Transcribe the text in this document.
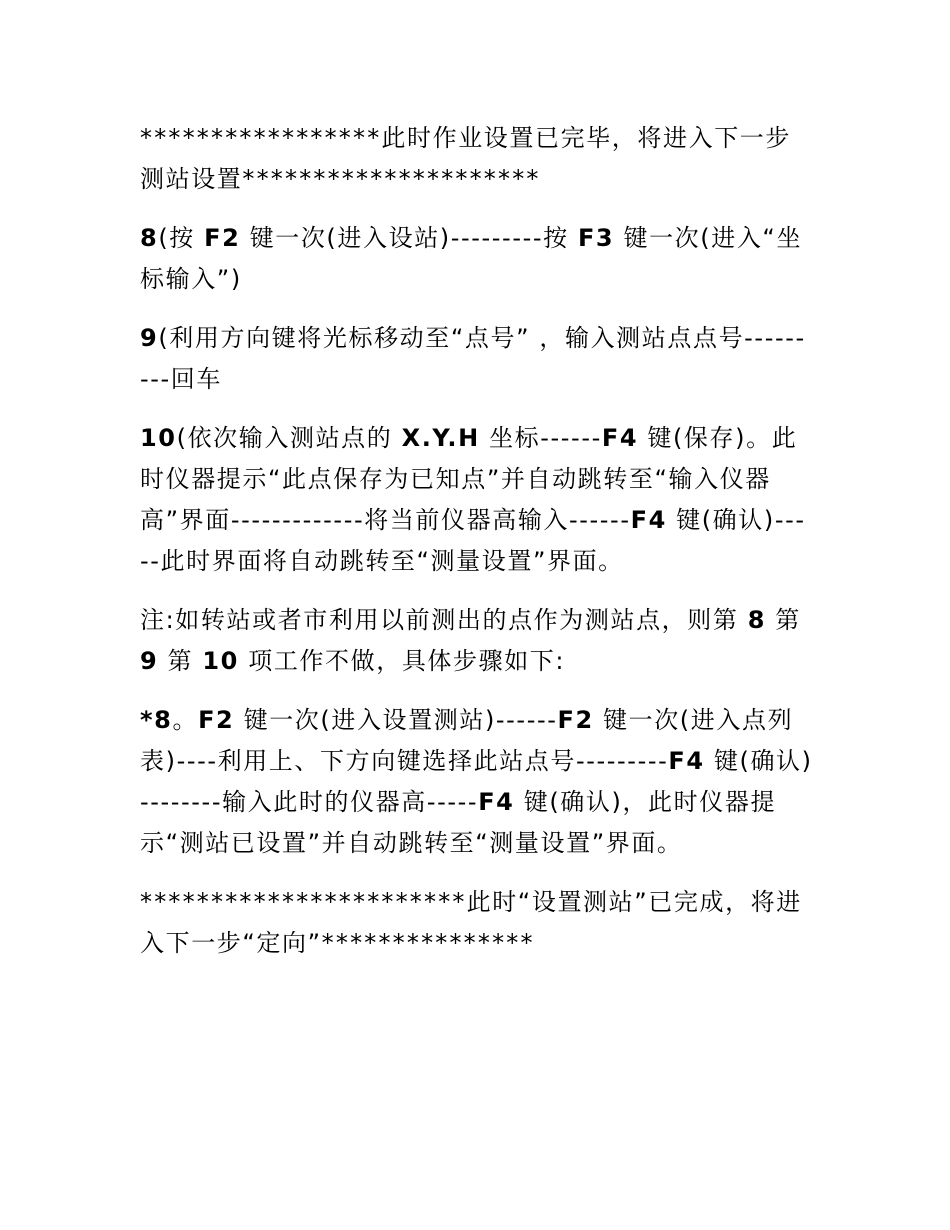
*****************此时作业设置已完毕，将进入下一步测站设置*********************

8(按 F2 键一次(进入设站)---------按 F3 键一次(进入“坐标输入”)

9(利用方向键将光标移动至“点号” ，输入测站点点号---------回车

10(依次输入测站点的 X.Y.H 坐标------F4 键(保存)。此时仪器提示“此点保存为已知点”并自动跳转至“输入仪器高”界面-------------将当前仪器高输入------F4 键(确认)-----此时界面将自动跳转至“测量设置”界面。

注:如转站或者市利用以前测出的点作为测站点，则第 8 第 9 第 10 项工作不做，具体步骤如下:

*8。F2 键一次(进入设置测站)------F2 键一次(进入点列表)----利用上、下方向键选择此站点号---------F4 键(确认)--------输入此时的仪器高-----F4 键(确认)，此时仪器提示“测站已设置”并自动跳转至“测量设置”界面。

***********************此时“设置测站”已完成，将进入下一步“定向”***************
